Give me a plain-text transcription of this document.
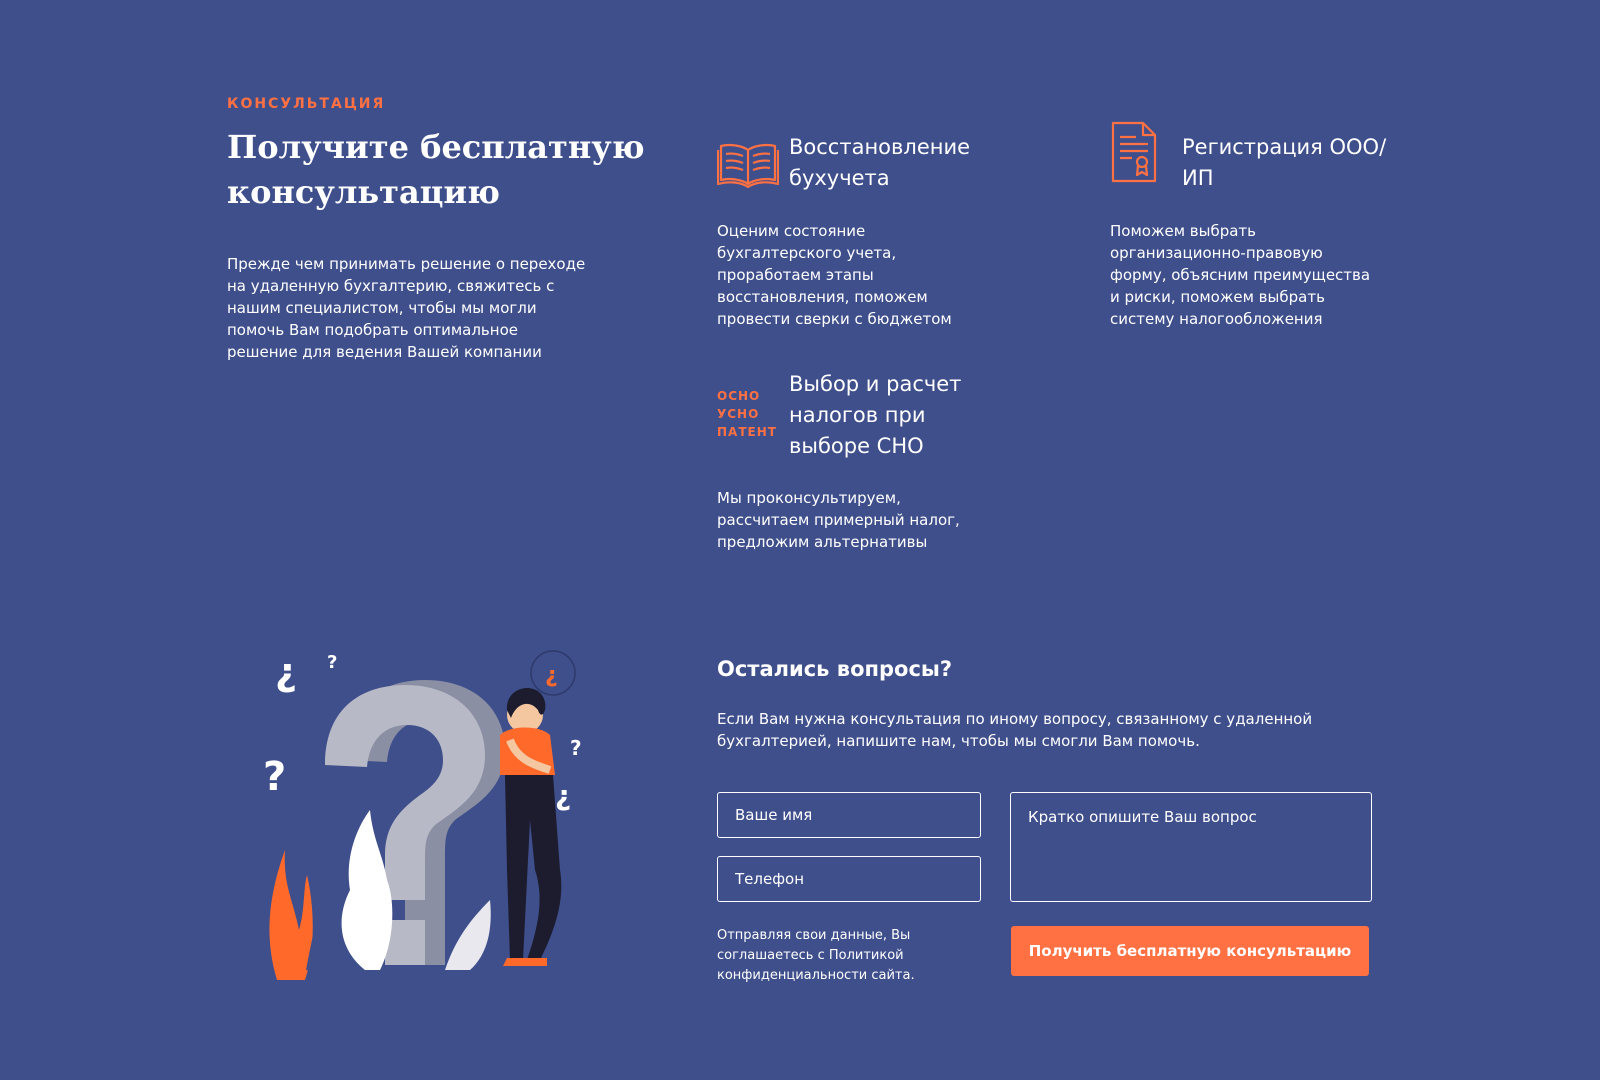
КОНСУЛЬТАЦИЯ
Получите бесплатную консультацию

Прежде чем принимать решение о переходе на удаленную бухгалтерию, свяжитесь с нашим специалистом, чтобы мы могли помочь Вам подобрать оптимальное решение для ведения Вашей компании

Восстановление бухучета

Оценим состояние бухгалтерского учета, проработаем этапы восстановления, поможем провести сверки с бюджетом

Регистрация ООО/ИП

Поможем выбрать организационно-правовую форму, объясним преимущества и риски, поможем выбрать систему налогообложения

ОСНО
УСНО
ПАТЕНТ
Выбор и расчет налогов при выборе СНО

Мы проконсультируем, рассчитаем примерный налог, предложим альтернативы

¿
¿ ?
?
?
¿
Остались вопросы?

Если Вам нужна консультация по иному вопросу, связанному с удаленной бухгалтерией, напишите нам, чтобы мы смогли Вам помочь.

Ваше имя
Телефон
Кратко опишите Ваш вопрос

Отправляя свои данные, Вы соглашаетесь с Политикой конфиденциальности сайта.

Получить бесплатную консультацию
